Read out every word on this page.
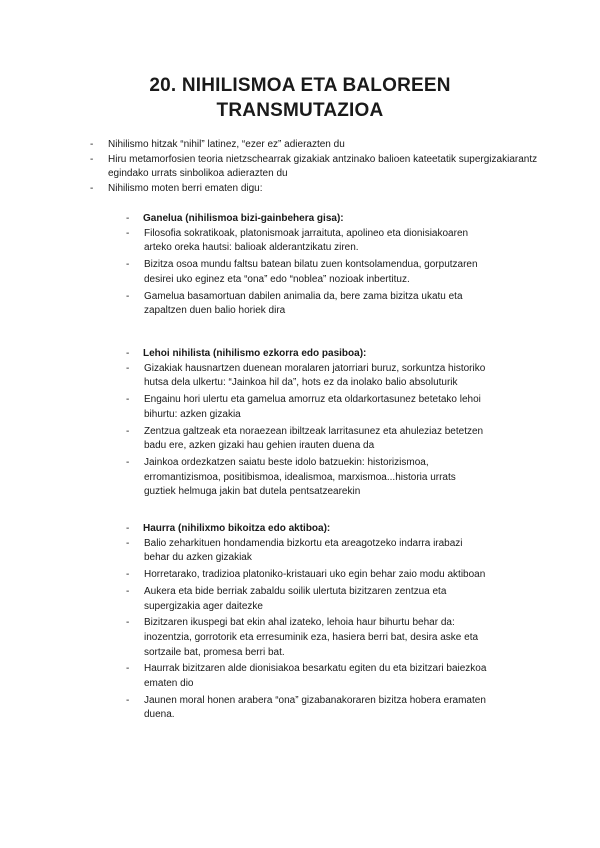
20. NIHILISMOA ETA BALOREEN
TRANSMUTAZIOA
- Nihilismo hitzak “nihil” latinez, “ezer ez” adierazten du
- Hiru metamorfosien teoria nietzschearrak gizakiak antzinako balioen kateetatik supergizakiarantz egindako urrats sinbolikoa adierazten du
- Nihilismo moten berri ematen digu:
- Ganelua (nihilismoa bizi-gainbehera gisa):
- Filosofia sokratikoak, platonismoak jarraituta, apolineo eta dionisiakoaren arteko oreka hautsi: balioak alderantzikatu ziren.
- Bizitza osoa mundu faltsu batean bilatu zuen kontsolamendua, gorputzaren desirei uko eginez eta “ona” edo “noblea” nozioak inbertituz.
- Gamelua basamortuan dabilen animalia da, bere zama bizitza ukatu eta zapaltzen duen balio horiek dira
- Lehoi nihilista (nihilismo ezkorra edo pasiboa):
- Gizakiak hausnartzen duenean moralaren jatorriari buruz, sorkuntza historiko hutsa dela ulkertu: “Jainkoa hil da”, hots ez da inolako balio absoluturik
- Engainu hori ulertu eta gamelua amorruz eta oldarkortasunez betetako lehoi bihurtu: azken gizakia
- Zentzua galtzeak eta noraezean ibiltzeak larritasunez eta ahuleziaz betetzen badu ere, azken gizaki hau gehien irauten duena da
- Jainkoa ordezkatzen saiatu beste idolo batzuekin: historizismoa, erromantizismoa, positibismoa, idealismoa, marxismoa...historia urrats guztiek helmuga jakin bat dutela pentsatzearekin
- Haurra (nihilixmo bikoitza edo aktiboa):
- Balio zeharkituen hondamendia bizkortu eta areagotzeko indarra irabazi behar du azken gizakiak
- Horretarako, tradizioa platoniko-kristauari uko egin behar zaio modu aktiboan
- Aukera eta bide berriak zabaldu soilik ulertuta bizitzaren zentzua eta supergizakia ager daitezke
- Bizitzaren ikuspegi bat ekin ahal izateko, lehoia haur bihurtu behar da: inozentzia, gorrotorik eta erresuminik eza, hasiera berri bat, desira aske eta sortzaile bat, promesa berri bat.
- Haurrak bizitzaren alde dionisiakoa besarkatu egiten du eta bizitzari baiezkoa ematen dio
- Jaunen moral honen arabera “ona” gizabanakoraren bizitza hobera eramaten duena.
